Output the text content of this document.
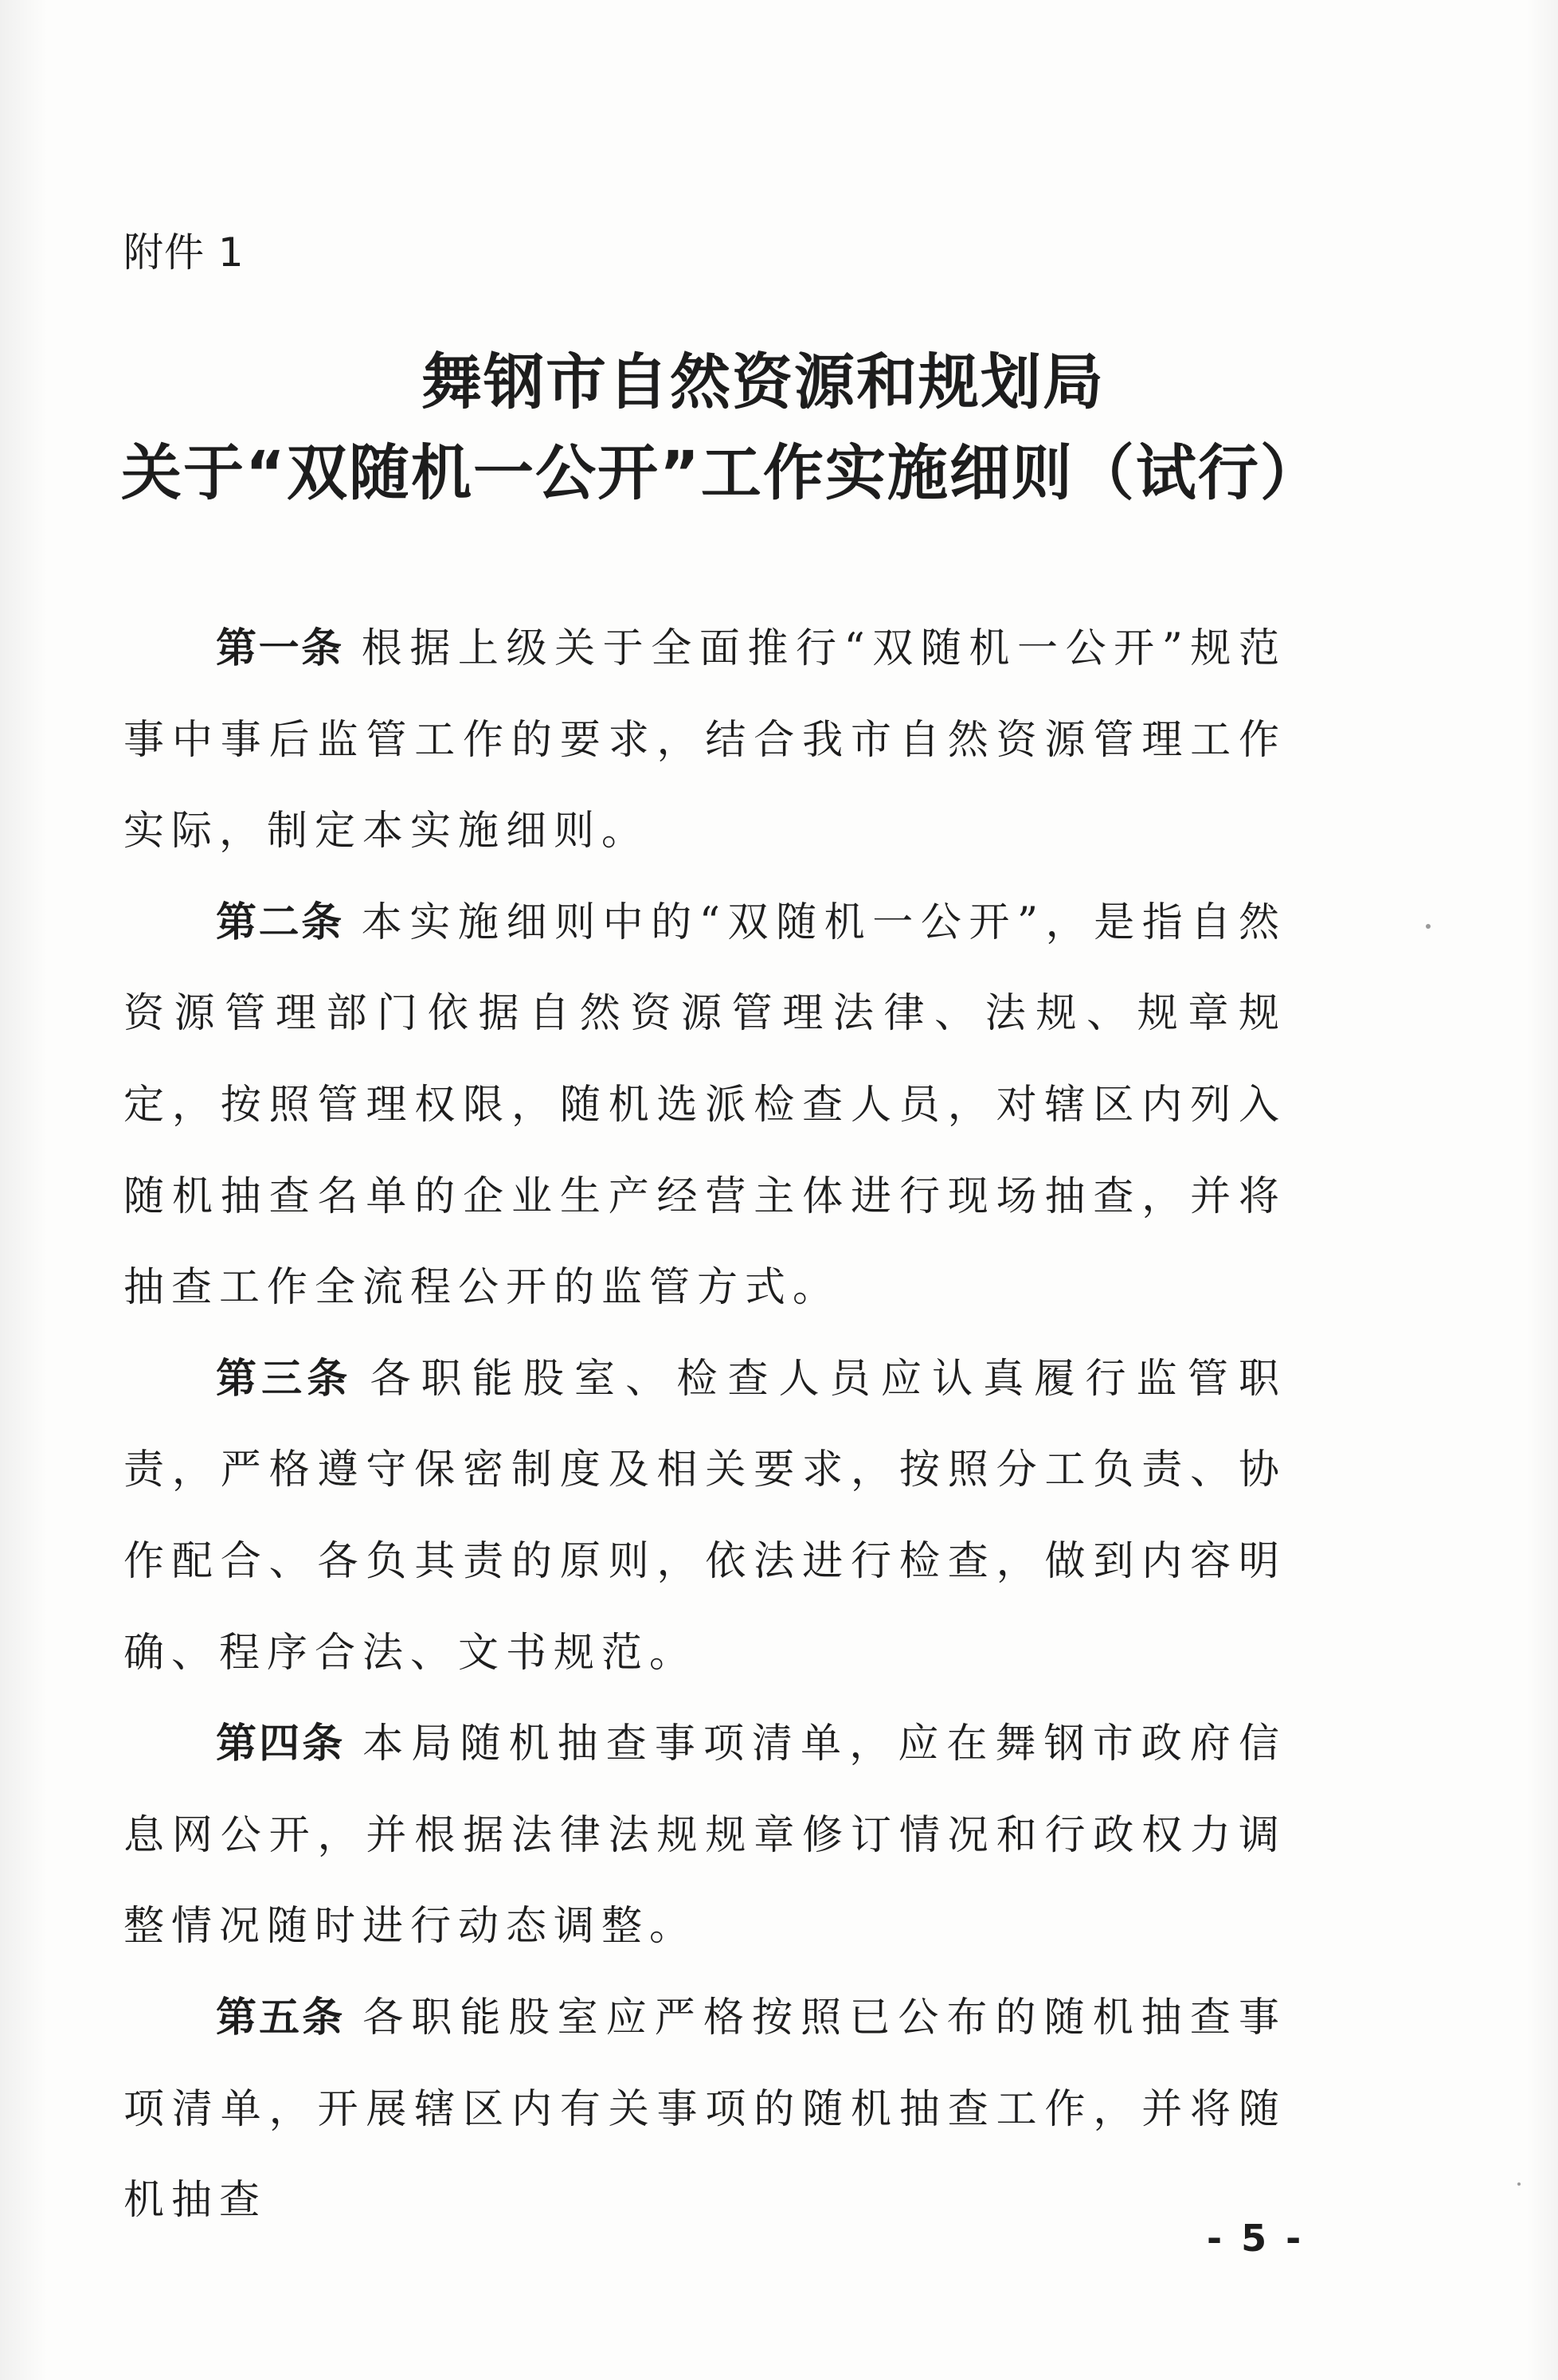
附件 1
舞钢市自然资源和规划局
关于“双随机一公开”工作实施细则（试行）

第一条 根据上级关于全面推行“双随机一公开”规范事中事后监管工作的要求，结合我市自然资源管理工作实际，制定本实施细则。

第二条 本实施细则中的“双随机一公开”，是指自然资源管理部门依据自然资源管理法律、法规、规章规定，按照管理权限，随机选派检查人员，对辖区内列入随机抽查名单的企业生产经营主体进行现场抽查，并将抽查工作全流程公开的监管方式。

第三条 各职能股室、检查人员应认真履行监管职责，严格遵守保密制度及相关要求，按照分工负责、协作配合、各负其责的原则，依法进行检查，做到内容明确、程序合法、文书规范。

第四条 本局随机抽查事项清单，应在舞钢市政府信息网公开，并根据法律法规规章修订情况和行政权力调整情况随时进行动态调整。

第五条 各职能股室应严格按照已公布的随机抽查事项清单，开展辖区内有关事项的随机抽查工作，并将随机抽查

- 5 -
